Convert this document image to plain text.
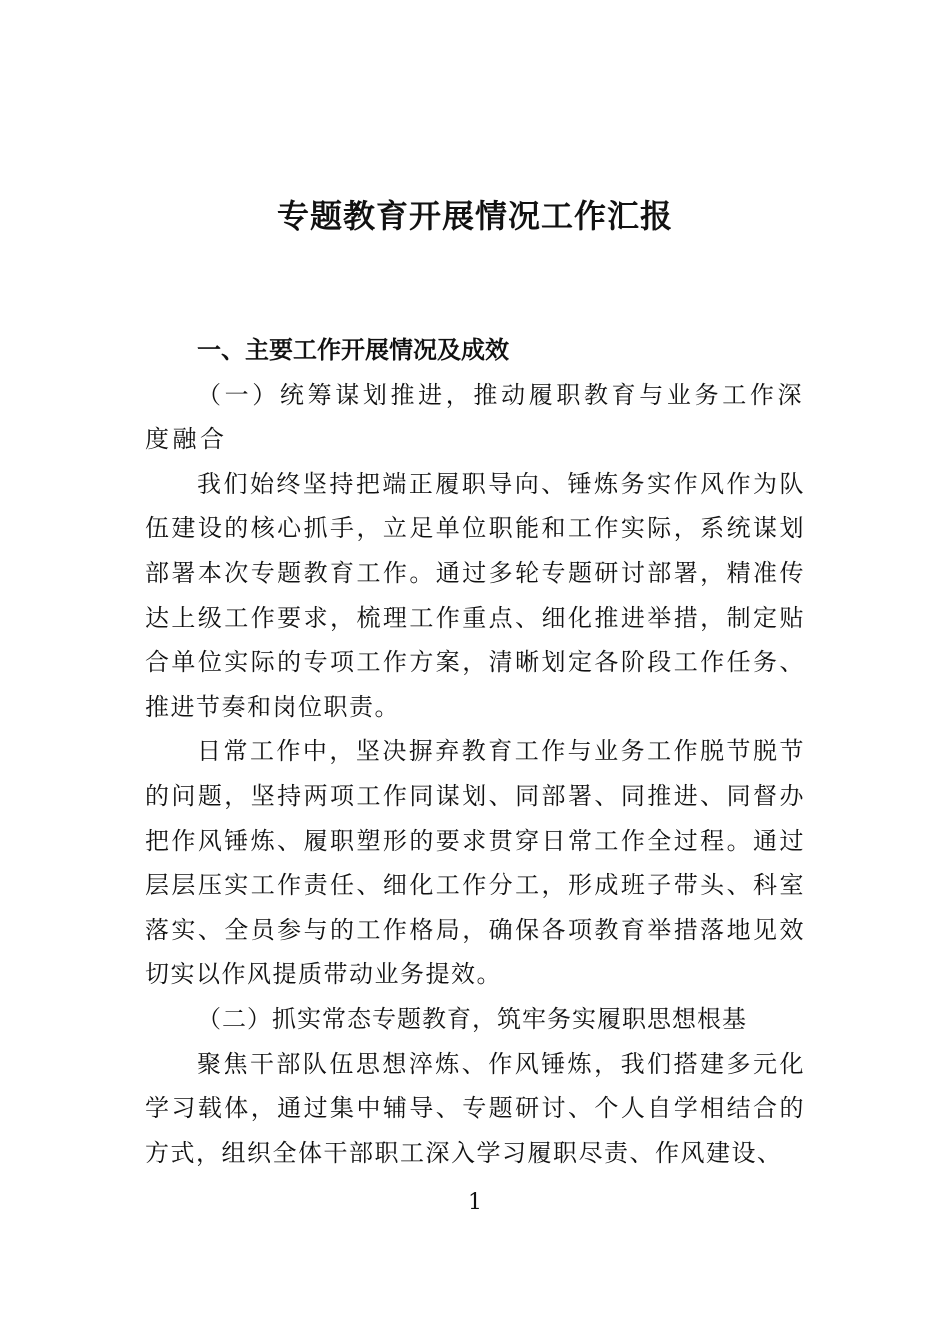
专题教育开展情况工作汇报

一、主要工作开展情况及成效

（一）统筹谋划推进，推动履职教育与业务工作深度融合

我们始终坚持把端正履职导向、锤炼务实作风作为队伍建设的核心抓手，立足单位职能和工作实际，系统谋划部署本次专题教育工作。通过多轮专题研讨部署，精准传达上级工作要求，梳理工作重点、细化推进举措，制定贴合单位实际的专项工作方案，清晰划定各阶段工作任务、推进节奏和岗位职责。

日常工作中，坚决摒弃教育工作与业务工作脱节脱节的问题，坚持两项工作同谋划、同部署、同推进、同督办把作风锤炼、履职塑形的要求贯穿日常工作全过程。通过层层压实工作责任、细化工作分工，形成班子带头、科室落实、全员参与的工作格局，确保各项教育举措落地见效切实以作风提质带动业务提效。

（二）抓实常态专题教育，筑牢务实履职思想根基

聚焦干部队伍思想淬炼、作风锤炼，我们搭建多元化学习载体，通过集中辅导、专题研讨、个人自学相结合的方式，组织全体干部职工深入学习履职尽责、作风建设、

1
